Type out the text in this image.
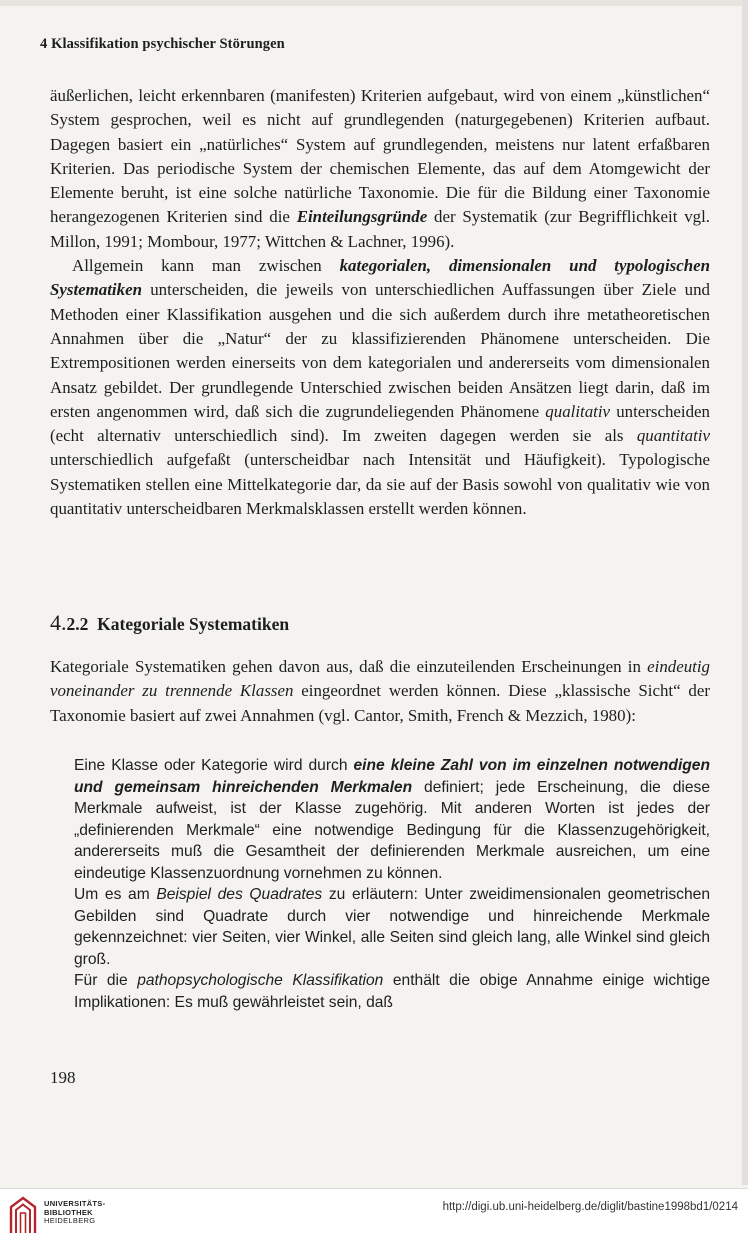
4 Klassifikation psychischer Störungen

äußerlichen, leicht erkennbaren (manifesten) Kriterien aufgebaut, wird von einem „künstlichen“ System gesprochen, weil es nicht auf grundlegenden (naturgegebenen) Kriterien aufbaut. Dagegen basiert ein „natürliches“ System auf grundlegenden, meistens nur latent erfaßbaren Kriterien. Das periodische System der chemischen Elemente, das auf dem Atomgewicht der Elemente beruht, ist eine solche natürliche Taxonomie. Die für die Bildung einer Taxonomie herangezogenen Kriterien sind die Einteilungsgründe der Systematik (zur Begrifflichkeit vgl. Millon, 1991; Mombour, 1977; Wittchen & Lachner, 1996).

Allgemein kann man zwischen kategorialen, dimensionalen und typologischen Systematiken unterscheiden, die jeweils von unterschiedlichen Auffassungen über Ziele und Methoden einer Klassifikation ausgehen und die sich außerdem durch ihre metatheoretischen Annahmen über die „Natur“ der zu klassifizierenden Phänomene unterscheiden. Die Extrempositionen werden einerseits von dem kategorialen und andererseits vom dimensionalen Ansatz gebildet. Der grundlegende Unterschied zwischen beiden Ansätzen liegt darin, daß im ersten angenommen wird, daß sich die zugrundeliegenden Phänomene qualitativ unterscheiden (echt alternativ unterschiedlich sind). Im zweiten dagegen werden sie als quantitativ unterschiedlich aufgefaßt (unterscheidbar nach Intensität und Häufigkeit). Typologische Systematiken stellen eine Mittelkategorie dar, da sie auf der Basis sowohl von qualitativ wie von quantitativ unterscheidbaren Merkmalsklassen erstellt werden können.

4.2.2 Kategoriale Systematiken

Kategoriale Systematiken gehen davon aus, daß die einzuteilenden Erscheinungen in eindeutig voneinander zu trennende Klassen eingeordnet werden können. Diese „klassische Sicht“ der Taxonomie basiert auf zwei Annahmen (vgl. Cantor, Smith, French & Mezzich, 1980):

Eine Klasse oder Kategorie wird durch eine kleine Zahl von im einzelnen notwendigen und gemeinsam hinreichenden Merkmalen definiert; jede Erscheinung, die diese Merkmale aufweist, ist der Klasse zugehörig. Mit anderen Worten ist jedes der „definierenden Merkmale“ eine notwendige Bedingung für die Klassenzugehörigkeit, andererseits muß die Gesamtheit der definierenden Merkmale ausreichen, um eine eindeutige Klassenzuordnung vornehmen zu können.

Um es am Beispiel des Quadrates zu erläutern: Unter zweidimensionalen geometrischen Gebilden sind Quadrate durch vier notwendige und hinreichende Merkmale gekennzeichnet: vier Seiten, vier Winkel, alle Seiten sind gleich lang, alle Winkel sind gleich groß.

Für die pathopsychologische Klassifikation enthält die obige Annahme einige wichtige Implikationen: Es muß gewährleistet sein, daß

198
UNIVERSITÄTS-
BIBLIOTHEK
HEIDELBERG
http://digi.ub.uni-heidelberg.de/diglit/bastine1998bd1/0214
